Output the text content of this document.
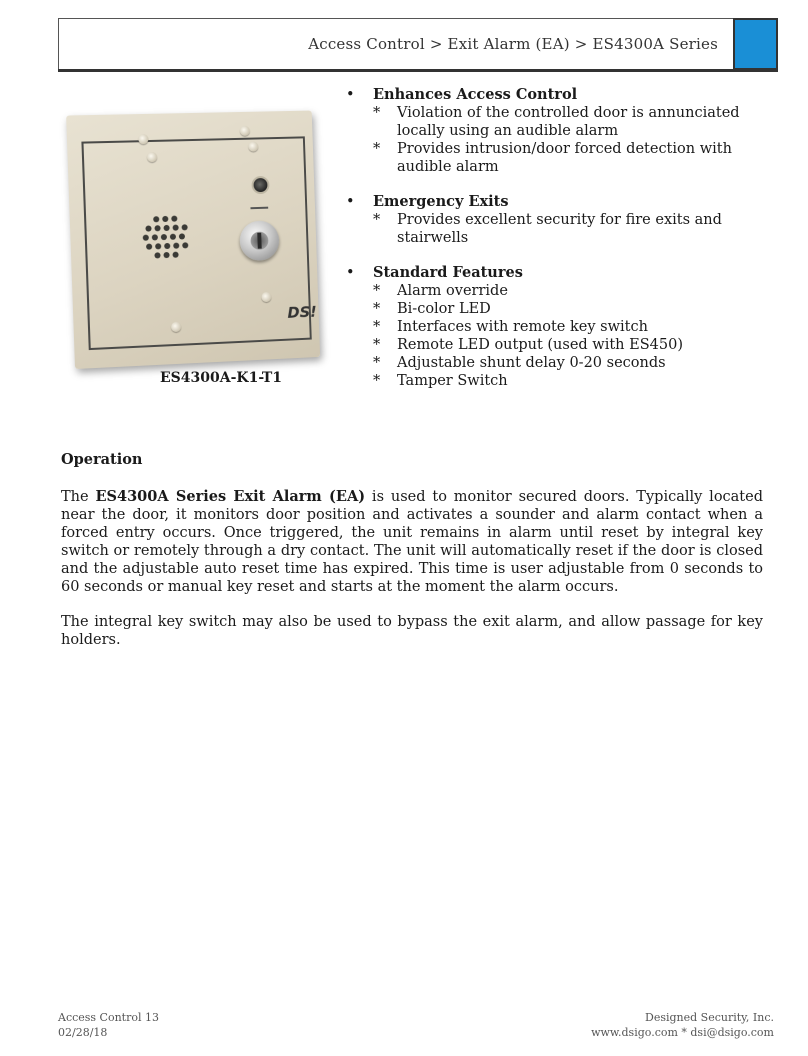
Access Control > Exit Alarm (EA) > ES4300A Series
DS!
ES4300A-K1-T1
•	Enhances Access Control
*	Violation of the controlled door is annunciated locally using an audible alarm
*	Provides intrusion/door forced detection with audible alarm
•	Emergency Exits
*	Provides excellent security for fire exits and stairwells
•	Standard Features
*	Alarm override
*	Bi-color LED
*	Interfaces with remote key switch
*	Remote LED output (used with ES450)
*	Adjustable shunt delay 0-20 seconds
*	Tamper Switch
Operation

The ES4300A Series Exit Alarm (EA) is used to monitor secured doors. Typically located near the door, it monitors door position and activates a sounder and alarm contact when a forced entry occurs. Once triggered, the unit remains in alarm until reset by integral key switch or remotely through a dry contact. The unit will automatically reset if the door is closed and the adjustable auto reset time has expired. This time is user adjustable from 0 seconds to 60 seconds or manual key reset and starts at the moment the alarm occurs.

The integral key switch may also be used to bypass the exit alarm, and allow passage for key holders.

Access Control 13
02/28/18
Designed Security, Inc.
www.dsigo.com * dsi@dsigo.com
